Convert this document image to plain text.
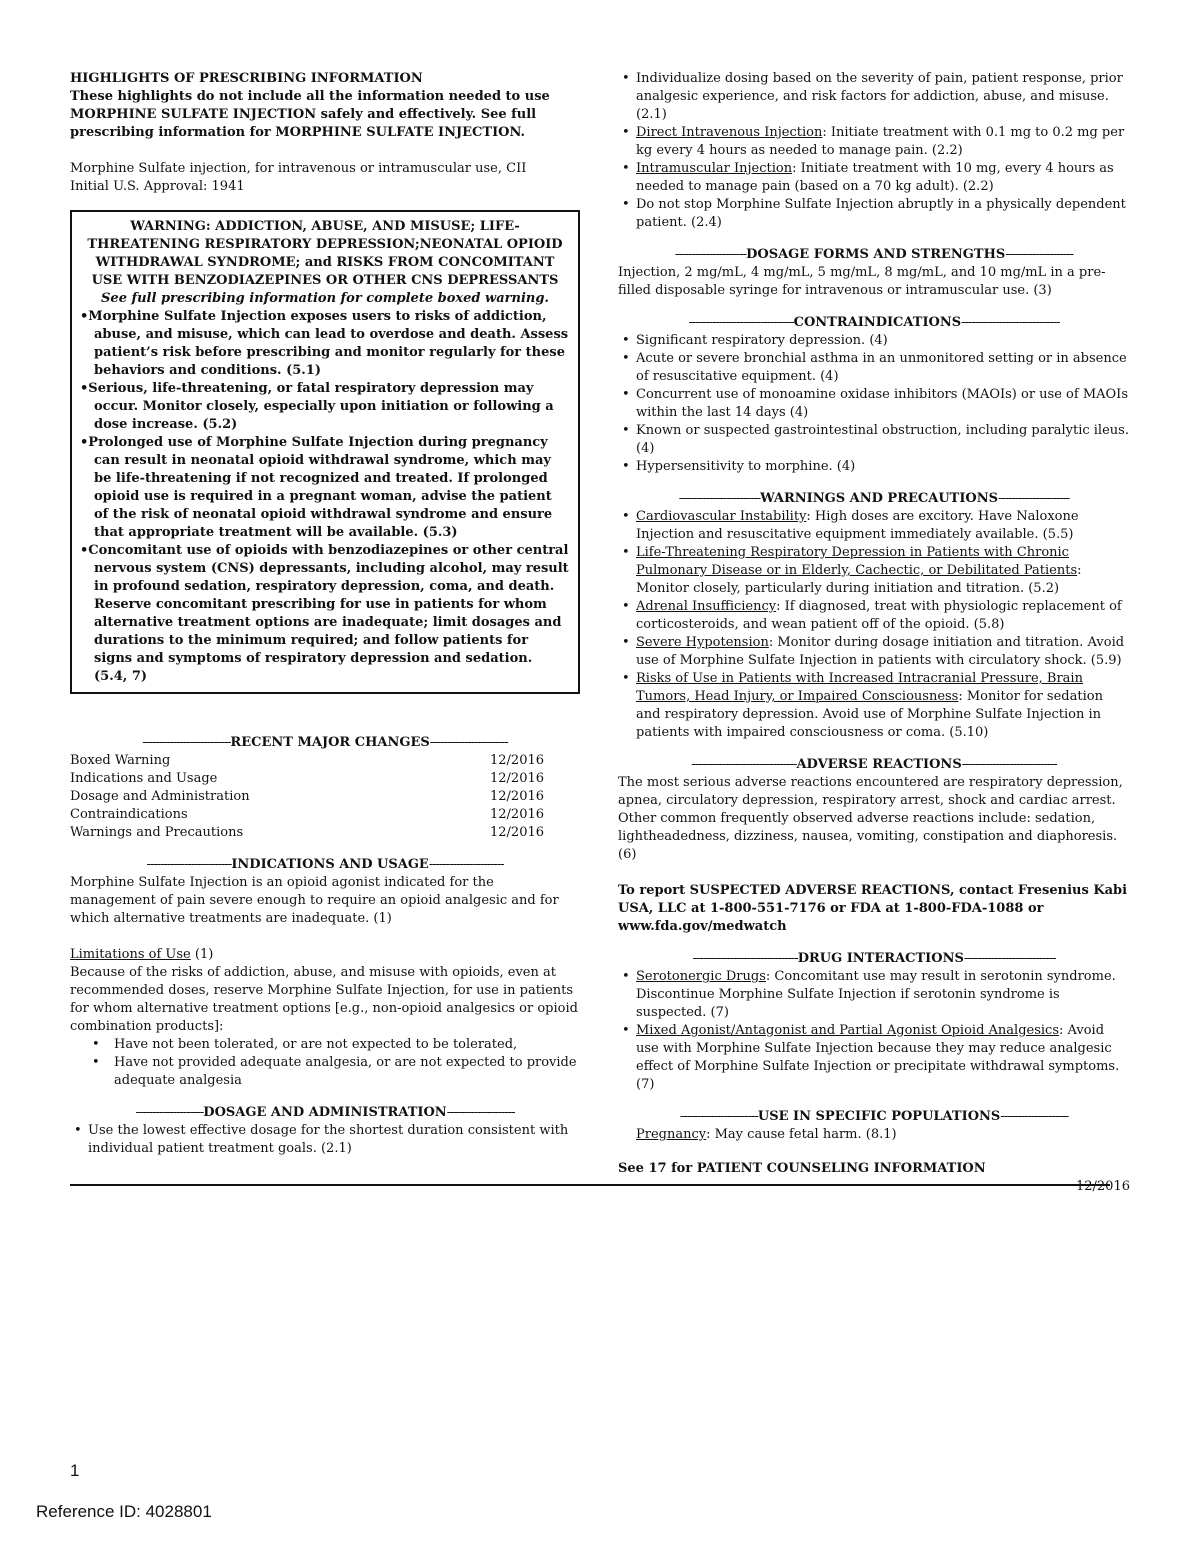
HIGHLIGHTS OF PRESCRIBING INFORMATION

These highlights do not include all the information needed to use

MORPHINE SULFATE INJECTION safely and effectively. See full

prescribing information for MORPHINE SULFATE INJECTION.

Morphine Sulfate injection, for intravenous or intramuscular use, CII

Initial U.S. Approval: 1941

WARNING: ADDICTION, ABUSE, AND MISUSE; LIFE-THREATENING RESPIRATORY DEPRESSION;NEONATAL OPIOID WITHDRAWAL SYNDROME; and RISKS FROM CONCOMITANT USE WITH BENZODIAZEPINES OR OTHER CNS DEPRESSANTS

See full prescribing information for complete boxed warning.

•Morphine Sulfate Injection exposes users to risks of addiction, abuse, and misuse, which can lead to overdose and death. Assess patient’s risk before prescribing and monitor regularly for these behaviors and conditions. (5.1)

•Serious, life-threatening, or fatal respiratory depression may occur. Monitor closely, especially upon initiation or following a dose increase. (5.2)

•Prolonged use of Morphine Sulfate Injection during pregnancy can result in neonatal opioid withdrawal syndrome, which may be life-threatening if not recognized and treated. If prolonged opioid use is required in a pregnant woman, advise the patient of the risk of neonatal opioid withdrawal syndrome and ensure that appropriate treatment will be available. (5.3)

•Concomitant use of opioids with benzodiazepines or other central nervous system (CNS) depressants, including alcohol, may result in profound sedation, respiratory depression, coma, and death. Reserve concomitant prescribing for use in patients for whom alternative treatment options are inadequate; limit dosages and durations to the minimum required; and follow patients for signs and symptoms of respiratory depression and sedation. (5.4, 7)

--------------------------RECENT MAJOR CHANGES-----------------------

Boxed Warning	12/2016
Indications and Usage	12/2016
Dosage and Administration	12/2016
Contraindications	12/2016
Warnings and Precautions	12/2016

-------------------------INDICATIONS AND USAGE----------------------

Morphine Sulfate Injection is an opioid agonist indicated for the management of pain severe enough to require an opioid analgesic and for which alternative treatments are inadequate. (1)

Limitations of Use (1)

Because of the risks of addiction, abuse, and misuse with opioids, even at recommended doses, reserve Morphine Sulfate Injection, for use in patients for whom alternative treatment options [e.g., non-opioid analgesics or opioid combination products]:

• Have not been tolerated, or are not expected to be tolerated,
• Have not provided adequate analgesia, or are not expected to provide adequate analgesia

--------------------DOSAGE AND ADMINISTRATION--------------------

• Use the lowest effective dosage for the shortest duration consistent with individual patient treatment goals. (2.1)
• Individualize dosing based on the severity of pain, patient response, prior analgesic experience, and risk factors for addiction, abuse, and misuse. (2.1)
• Direct Intravenous Injection: Initiate treatment with 0.1 mg to 0.2 mg per kg every 4 hours as needed to manage pain. (2.2)
• Intramuscular Injection: Initiate treatment with 10 mg, every 4 hours as needed to manage pain (based on a 70 kg adult). (2.2)
• Do not stop Morphine Sulfate Injection abruptly in a physically dependent patient. (2.4)

---------------------DOSAGE FORMS AND STRENGTHS--------------------

Injection, 2 mg/mL, 4 mg/mL, 5 mg/mL, 8 mg/mL, and 10 mg/mL in a pre-filled disposable syringe for intravenous or intramuscular use. (3)

-------------------------------CONTRAINDICATIONS-----------------------------

• Significant respiratory depression. (4)
• Acute or severe bronchial asthma in an unmonitored setting or in absence of resuscitative equipment. (4)
• Concurrent use of monoamine oxidase inhibitors (MAOIs) or use of MAOIs within the last 14 days (4)
• Known or suspected gastrointestinal obstruction, including paralytic ileus. (4)
• Hypersensitivity to morphine. (4)

------------------------WARNINGS AND PRECAUTIONS---------------------

• Cardiovascular Instability: High doses are excitory. Have Naloxone Injection and resuscitative equipment immediately available. (5.5)
• Life-Threatening Respiratory Depression in Patients with Chronic Pulmonary Disease or in Elderly, Cachectic, or Debilitated Patients: Monitor closely, particularly during initiation and titration. (5.2)
• Adrenal Insufficiency: If diagnosed, treat with physiologic replacement of corticosteroids, and wean patient off of the opioid. (5.8)
• Severe Hypotension: Monitor during dosage initiation and titration. Avoid use of Morphine Sulfate Injection in patients with circulatory shock. (5.9)
• Risks of Use in Patients with Increased Intracranial Pressure, Brain Tumors, Head Injury, or Impaired Consciousness: Monitor for sedation and respiratory depression. Avoid use of Morphine Sulfate Injection in patients with impaired consciousness or coma. (5.10)

-------------------------------ADVERSE REACTIONS----------------------------

The most serious adverse reactions encountered are respiratory depression, apnea, circulatory depression, respiratory arrest, shock and cardiac arrest. Other common frequently observed adverse reactions include: sedation, lightheadedness, dizziness, nausea, vomiting, constipation and diaphoresis. (6)

To report SUSPECTED ADVERSE REACTIONS, contact Fresenius Kabi USA, LLC at 1-800-551-7176 or FDA at 1-800-FDA-1088 or www.fda.gov/medwatch

-------------------------------DRUG INTERACTIONS---------------------------

• Serotonergic Drugs: Concomitant use may result in serotonin syndrome. Discontinue Morphine Sulfate Injection if serotonin syndrome is suspected. (7)
• Mixed Agonist/Antagonist and Partial Agonist Opioid Analgesics: Avoid use with Morphine Sulfate Injection because they may reduce analgesic effect of Morphine Sulfate Injection or precipitate withdrawal symptoms. (7)

-----------------------USE IN SPECIFIC POPULATIONS--------------------

Pregnancy: May cause fetal harm. (8.1)

See 17 for PATIENT COUNSELING INFORMATION

12/2016

1
Reference ID: 4028801
